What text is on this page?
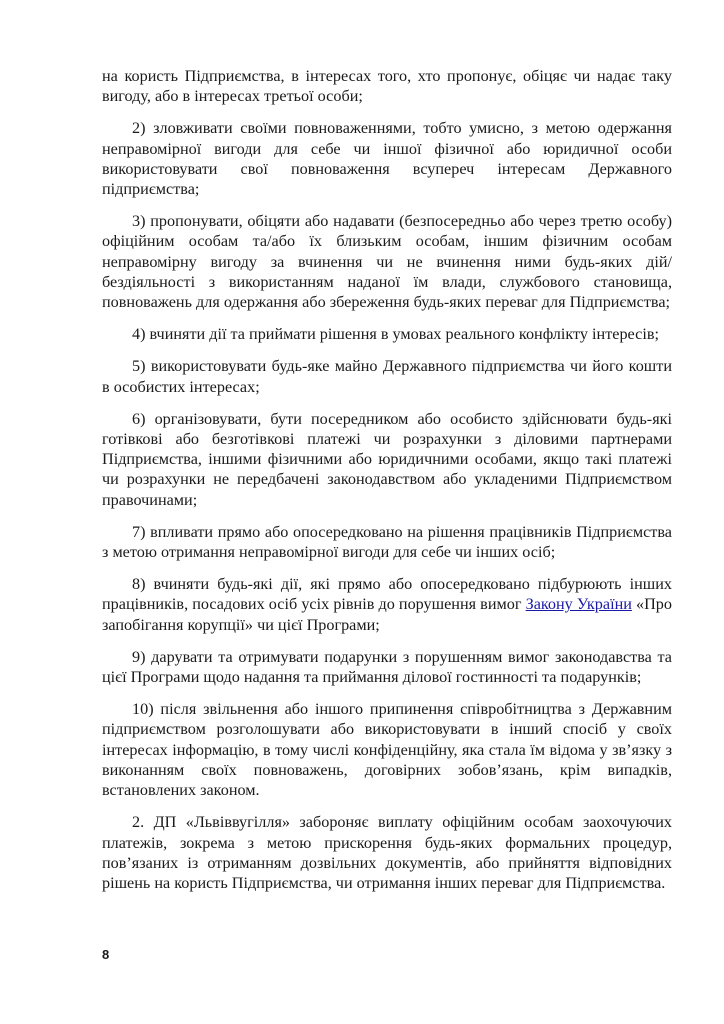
на користь Підприємства, в інтересах того, хто пропонує, обіцяє чи надає таку вигоду, або в інтересах третьої особи;

2) зловживати своїми повноваженнями, тобто умисно, з метою одержання неправомірної вигоди для себе чи іншої фізичної або юридичної особи використовувати свої повноваження всупереч інтересам Державного підприємства;

3) пропонувати, обіцяти або надавати (безпосередньо або через третю особу) офіційним особам та/або їх близьким особам, іншим фізичним особам неправомірну вигоду за вчинення чи не вчинення ними будь-яких дій/бездіяльності з використанням наданої їм влади, службового становища, повноважень для одержання або збереження будь-яких переваг для Підприємства;

4) вчиняти дії та приймати рішення в умовах реального конфлікту інтересів;

5) використовувати будь-яке майно Державного підприємства чи його кошти в особистих інтересах;

6) організовувати, бути посередником або особисто здійснювати будь-які готівкові або безготівкові платежі чи розрахунки з діловими партнерами Підприємства, іншими фізичними або юридичними особами, якщо такі платежі чи розрахунки не передбачені законодавством або укладеними Підприємством правочинами;

7) впливати прямо або опосередковано на рішення працівників Підприємства з метою отримання неправомірної вигоди для себе чи інших осіб;

8) вчиняти будь-які дії, які прямо або опосередковано підбурюють інших працівників, посадових осіб усіх рівнів до порушення вимог Закону України «Про запобігання корупції» чи цієї Програми;

9) дарувати та отримувати подарунки з порушенням вимог законодавства та цієї Програми щодо надання та приймання ділової гостинності та подарунків;

10) після звільнення або іншого припинення співробітництва з Державним підприємством розголошувати або використовувати в інший спосіб у своїх інтересах інформацію, в тому числі конфіденційну, яка стала їм відома у зв’язку з виконанням своїх повноважень, договірних зобов’язань, крім випадків, встановлених законом.

2. ДП «Львіввугілля» забороняє виплату офіційним особам заохочуючих платежів, зокрема з метою прискорення будь-яких формальних процедур, пов’язаних із отриманням дозвільних документів, або прийняття відповідних рішень на користь Підприємства, чи отримання інших переваг для Підприємства.

8
